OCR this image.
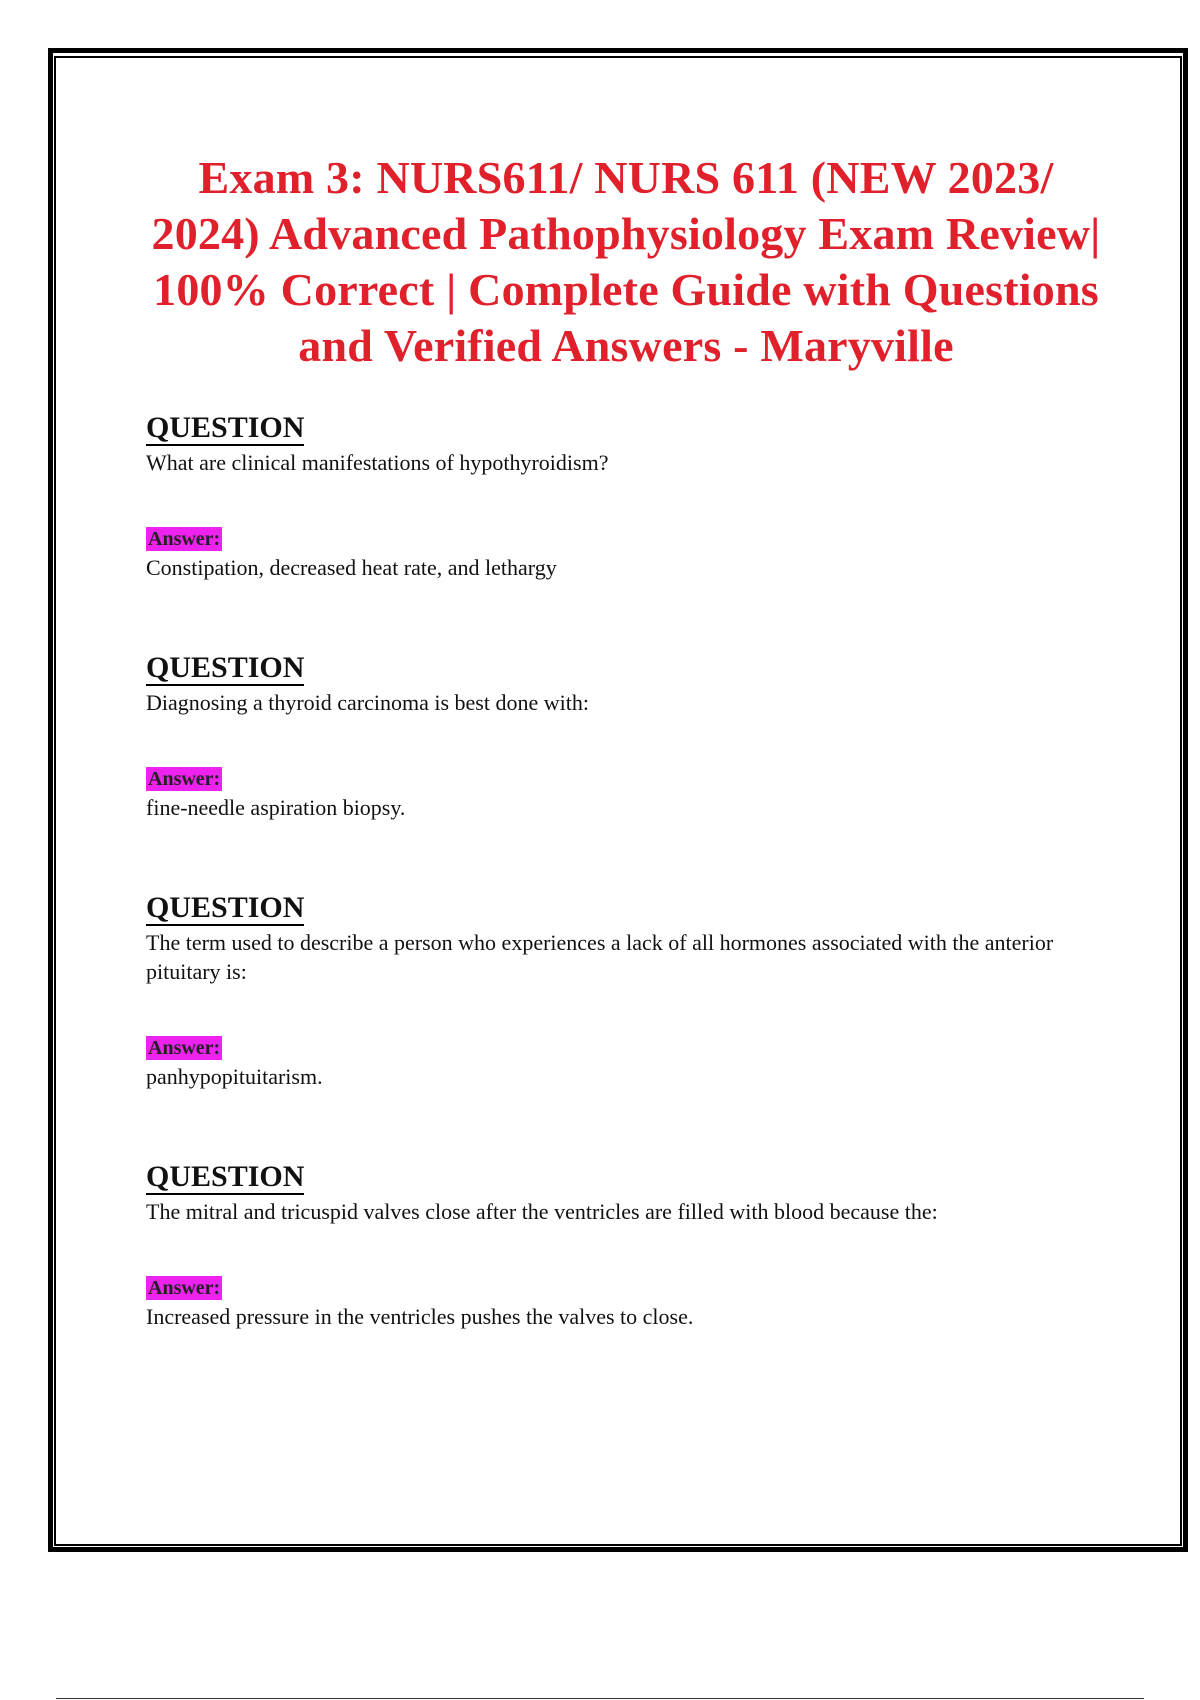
Exam 3: NURS611/ NURS 611 (NEW 2023/ 2024) Advanced Pathophysiology Exam Review| 100% Correct | Complete Guide with Questions and Verified Answers - Maryville
QUESTION

What are clinical manifestations of hypothyroidism?

Answer:

Constipation, decreased heat rate, and lethargy

QUESTION

Diagnosing a thyroid carcinoma is best done with:

Answer:

fine-needle aspiration biopsy.

QUESTION

The term used to describe a person who experiences a lack of all hormones associated with the anterior pituitary is:

Answer:

panhypopituitarism.

QUESTION

The mitral and tricuspid valves close after the ventricles are filled with blood because the:

Answer:

Increased pressure in the ventricles pushes the valves to close.
